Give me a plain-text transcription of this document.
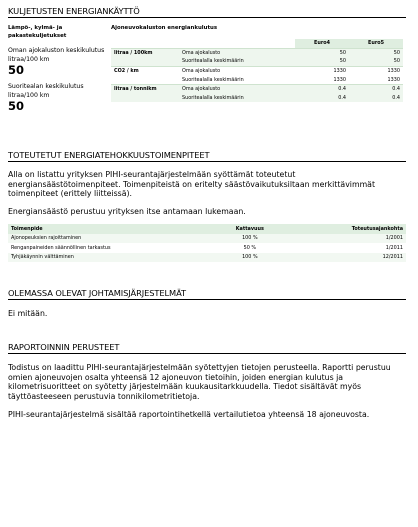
KULJETUSTEN ENERGIANKÄYTTÖ
Lämpö-, kylmä- ja pakastekuljetukset
Oman ajokaluston keskikulutus litraa/100 km
50
Suoritealan keskikulutus litraa/100 km
50
Ajoneuvokaluston energiankulutus
		Euro4	Euro5
litraa / 100km	Oma ajokalusto	50	50
	Suoritealalla keskimäärin	50	50
CO2 / km	Oma ajokalusto	1330	1330
	Suoritealalla keskimäärin	1330	1330
litraa / tonnikm	Oma ajokalusto	0.4	0.4
	Suoritealalla keskimäärin	0.4	0.4
TOTEUTETUT ENERGIATEHOKKUUSTOIMENPITEET

Alla on listattu yrityksen PIHI-seurantajärjestelmään syöttämät toteutetut energiansäästötoimenpiteet. Toimenpiteistä on eritelty säästövaikutuksiltaan merkittävimmät toimenpiteet (erittely liitteissä).

Energiansäästö perustuu yrityksen itse antamaan lukemaan.

Toimenpide	Kattavuus	Toteutusajankohta
Ajonopeuksien rajoittaminen	100 %	1/2001
Renganpaineiden säännöllinen tarkastus	50 %	1/2011
Tyhjäkäynnin välttäminen	100 %	12/2011
OLEMASSA OLEVAT JOHTAMISJÄRJESTELMÄT

Ei mitään.

RAPORTOINNIN PERUSTEET

Todistus on laadittu PIHI-seurantajärjestelmään syötettyjen tietojen perusteella. Raportti perustuu omien ajoneuvojen osalta yhteensä 12 ajoneuvon tietoihin, joiden energian kulutus ja kilometrisuoritteet on syötetty järjestelmään kuukausitarkkuudella. Tiedot sisältävät myös täyttöasteeseen perustuvia tonnikilometritietoja.

PIHI-seurantajärjestelmä sisältää raportointihetkellä vertailutietoa yhteensä 18 ajoneuvosta.
